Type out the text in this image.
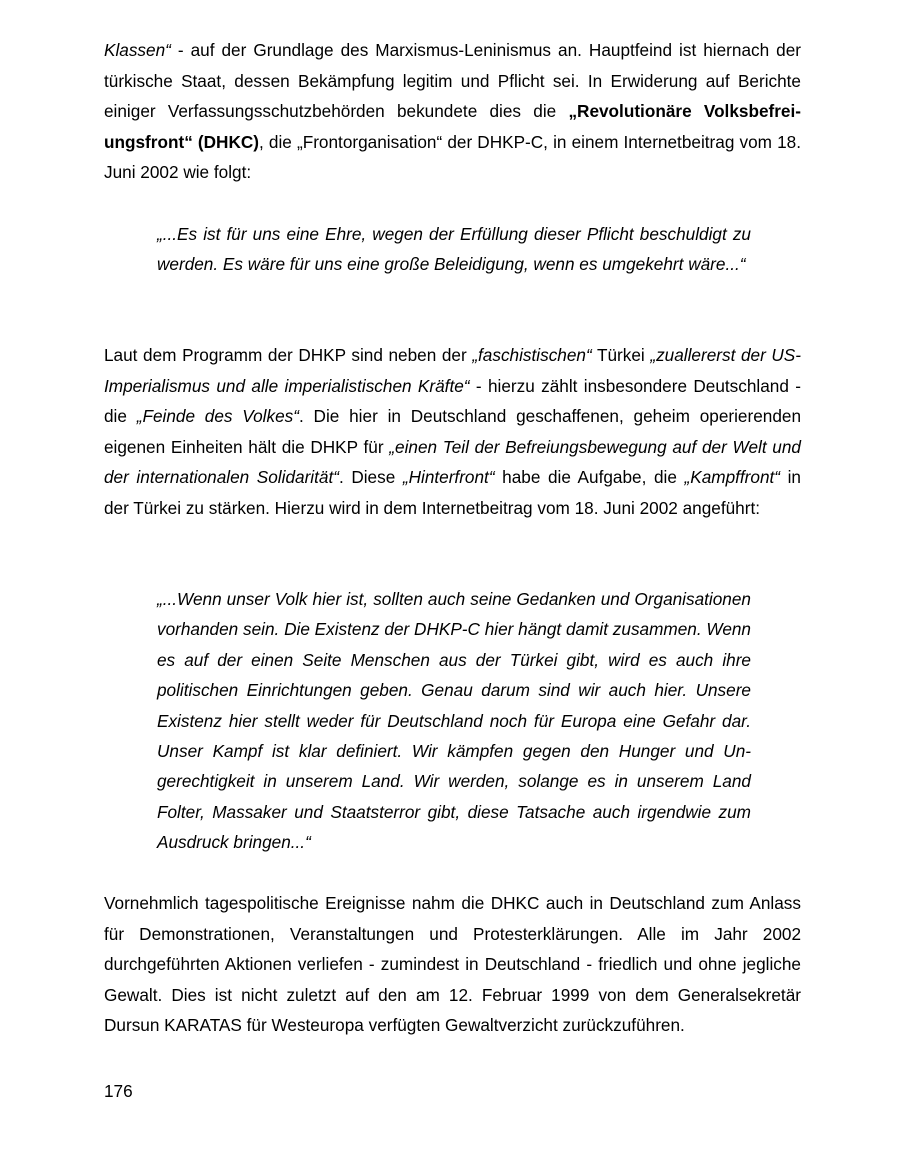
Klassen“ - auf der Grundlage des Marxismus-Leninismus an. Hauptfeind ist hiernach der türkische Staat, dessen Bekämpfung legitim und Pflicht sei. In Erwiderung auf Berichte einiger Verfassungsschutzbehörden bekundete dies die „Revolutionäre Volksbefreiungsfront“ (DHKC), die „Frontorganisation“ der DHKP-C, in einem Internetbeitrag vom 18. Juni 2002 wie folgt:

„...Es ist für uns eine Ehre, wegen der Erfüllung dieser Pflicht beschuldigt zu werden. Es wäre für uns eine große Beleidigung, wenn es umgekehrt wäre...“

Laut dem Programm der DHKP sind neben der „faschistischen“ Türkei „zuallererst der US-Imperialismus und alle imperialistischen Kräfte“ - hierzu zählt insbesondere Deutschland - die „Feinde des Volkes“. Die hier in Deutschland geschaffenen, geheim operierenden eigenen Einheiten hält die DHKP für „einen Teil der Befreiungsbewegung auf der Welt und der internationalen Solidarität“. Diese „Hinterfront“ habe die Aufgabe, die „Kampffront“ in der Türkei zu stärken. Hierzu wird in dem Internetbeitrag vom 18. Juni 2002 angeführt:

„...Wenn unser Volk hier ist, sollten auch seine Gedanken und Organisationen vorhanden sein. Die Existenz der DHKP-C hier hängt damit zusammen. Wenn es auf der einen Seite Menschen aus der Türkei gibt, wird es auch ihre politischen Einrichtungen geben. Genau darum sind wir auch hier. Unsere Existenz hier stellt weder für Deutschland noch für Europa eine Gefahr dar. Unser Kampf ist klar definiert. Wir kämpfen gegen den Hunger und Ungerechtigkeit in unserem Land. Wir werden, solange es in unserem Land Folter, Massaker und Staatsterror gibt, diese Tatsache auch irgendwie zum Ausdruck bringen...“

Vornehmlich tagespolitische Ereignisse nahm die DHKC auch in Deutschland zum Anlass für Demonstrationen, Veranstaltungen und Protesterklärungen. Alle im Jahr 2002 durchgeführten Aktionen verliefen - zumindest in Deutschland - friedlich und ohne jegliche Gewalt. Dies ist nicht zuletzt auf den am 12. Februar 1999 von dem Generalsekretär Dursun KARATAS für Westeuropa verfügten Gewaltverzicht zurückzuführen.

176
